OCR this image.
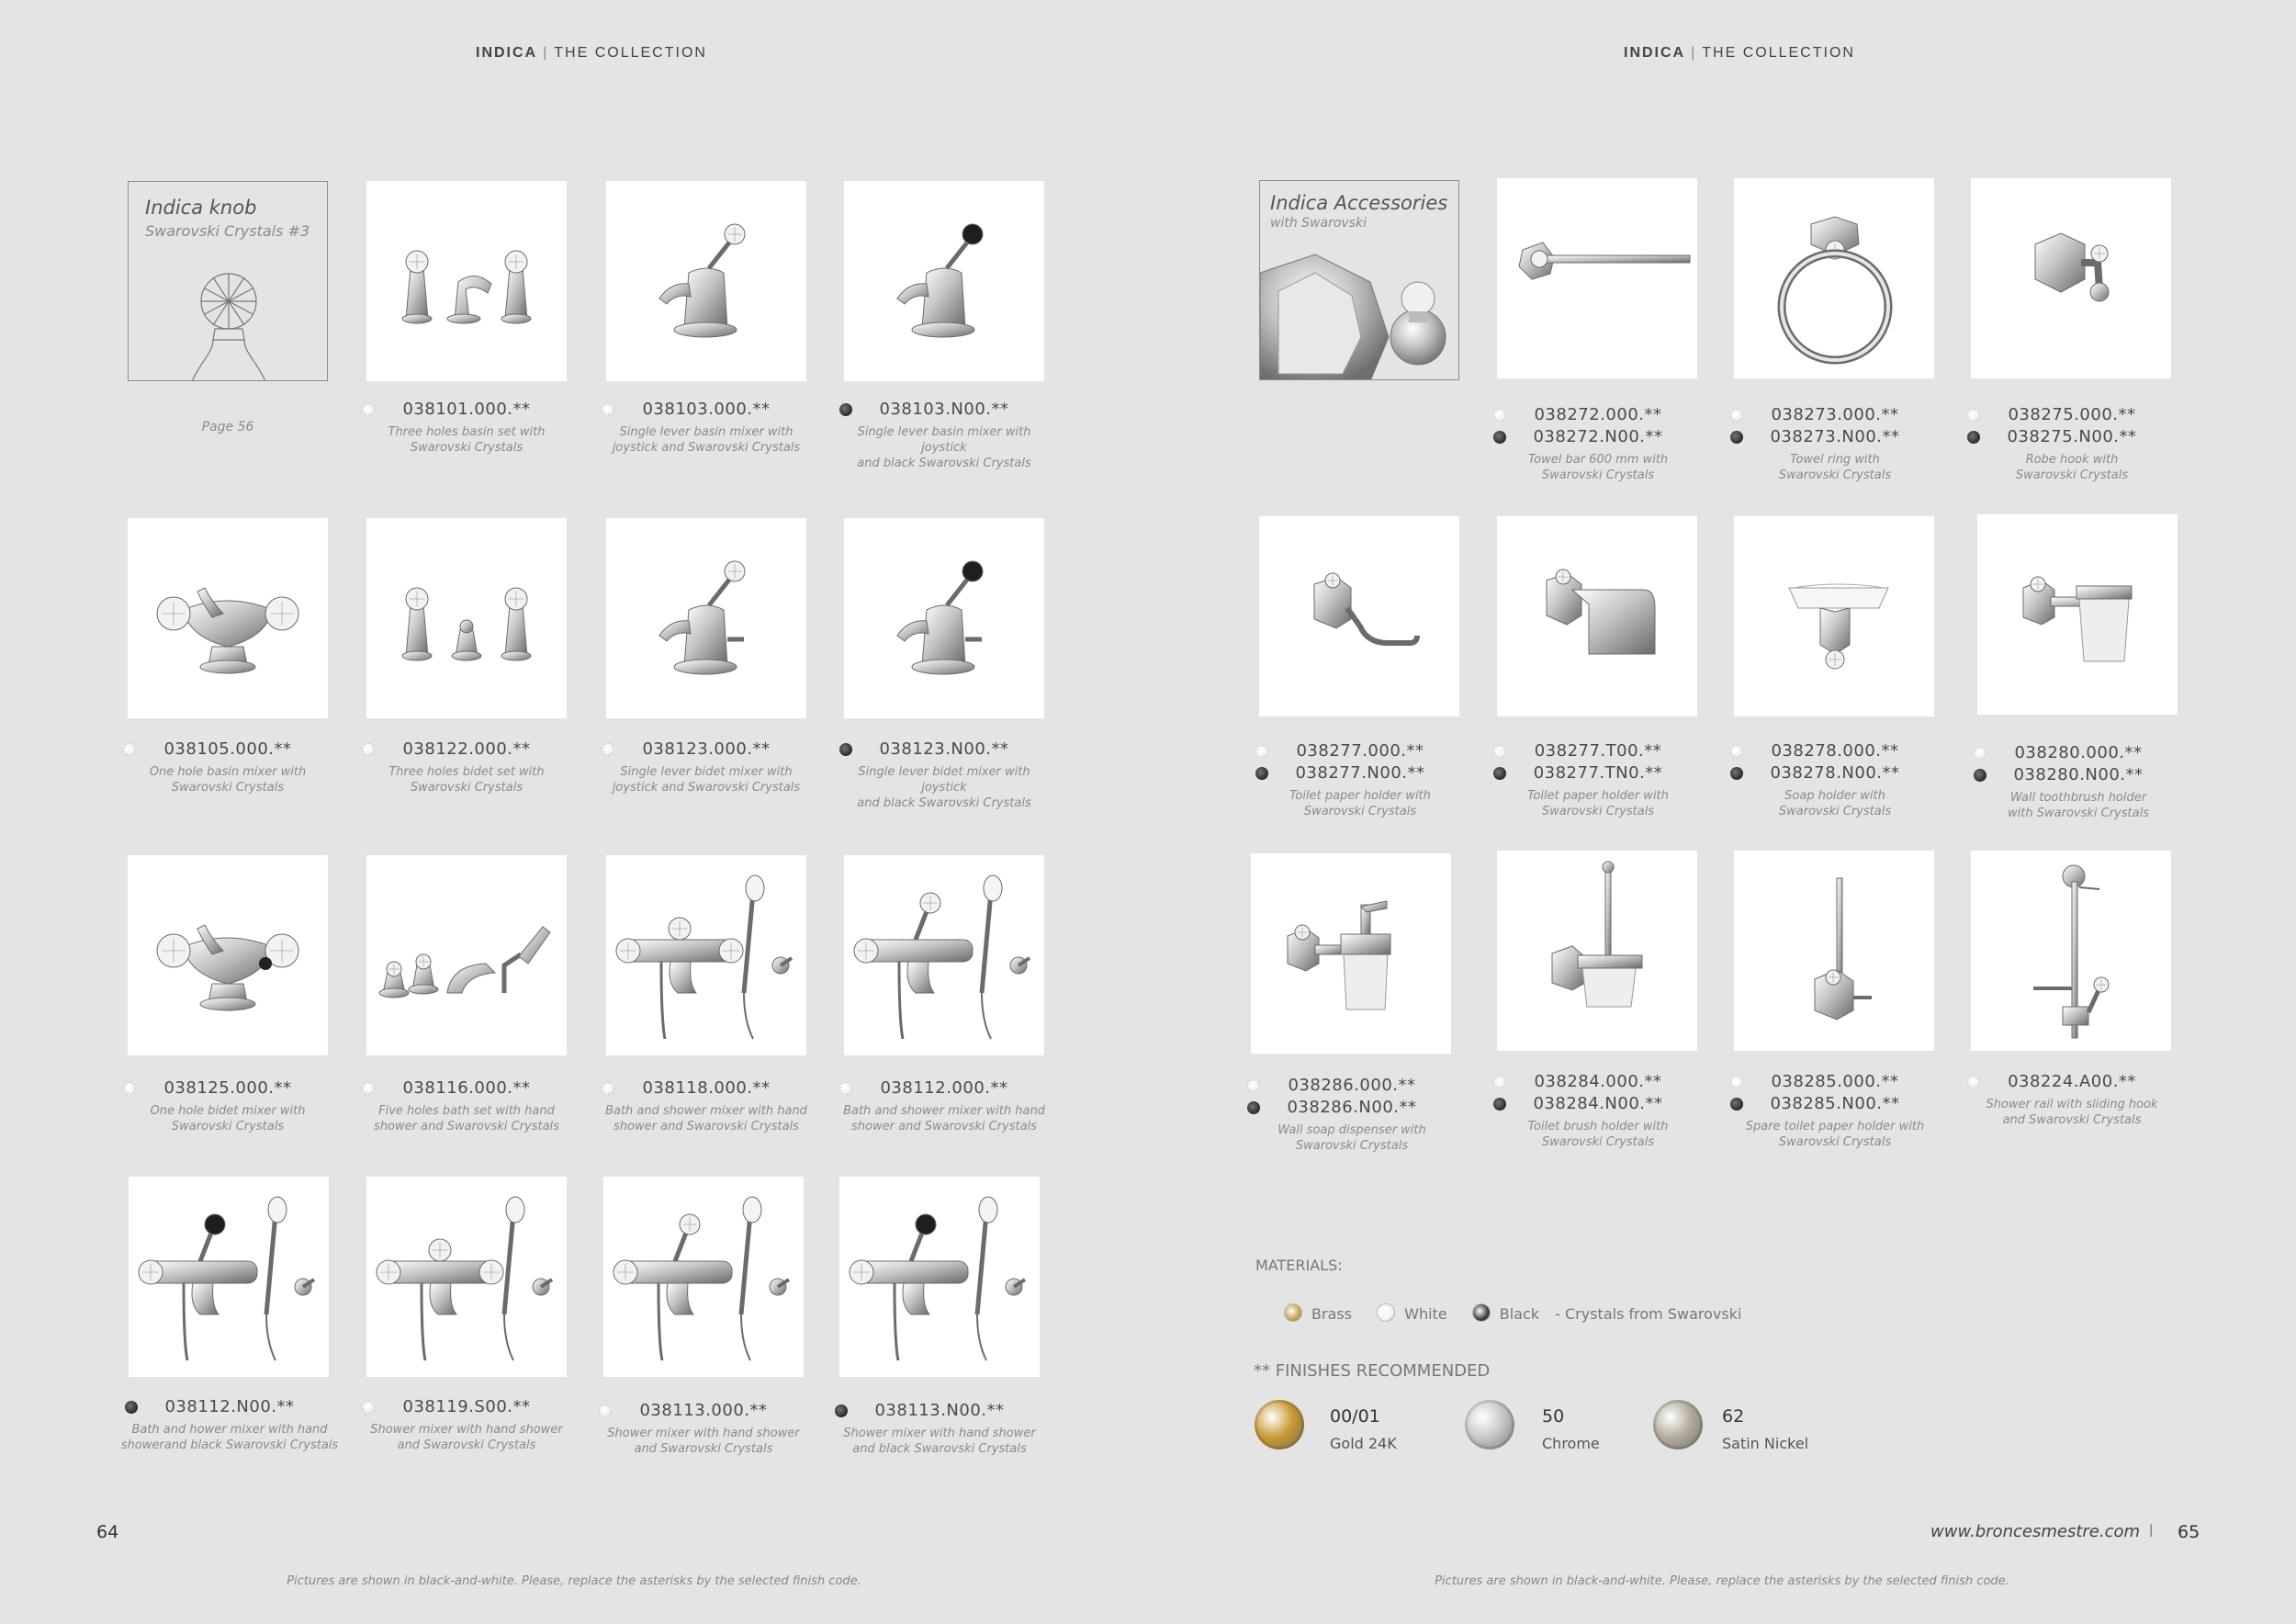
INDICA | THE COLLECTION	INDICA | THE COLLECTION
Indica knob
Swarovski Crystals #3
Page 56
Indica Accessories
with Swarovski
038101.000.**
Three holes basin set with
Swarovski Crystals
038103.000.**
Single lever basin mixer with
joystick and Swarovski Crystals
038103.N00.**
Single lever basin mixer with joystick
and black Swarovski Crystals
038105.000.**
One hole basin mixer with
Swarovski Crystals
038122.000.**
Three holes bidet set with
Swarovski Crystals
038123.000.**
Single lever bidet mixer with
joystick and Swarovski Crystals
038123.N00.**
Single lever bidet mixer with joystick
and black Swarovski Crystals
038125.000.**
One hole bidet mixer with
Swarovski Crystals
038116.000.**
Five holes bath set with hand
shower and Swarovski Crystals
038118.000.**
Bath and shower mixer with hand
shower and Swarovski Crystals
038112.000.**
Bath and shower mixer with hand
shower and Swarovski Crystals
038112.N00.**
Bath and hower mixer with hand
showerand black Swarovski Crystals
038119.S00.**
Shower mixer with hand shower
and Swarovski Crystals
038113.000.**
Shower mixer with hand shower
and Swarovski Crystals
038113.N00.**
Shower mixer with hand shower
and black Swarovski Crystals
038272.000.**
038272.N00.**
Towel bar 600 mm with
Swarovski Crystals
038273.000.**
038273.N00.**
Towel ring with
Swarovski Crystals
038275.000.**
038275.N00.**
Robe hook with
Swarovski Crystals
038277.000.**
038277.N00.**
Toilet paper holder with
Swarovski Crystals
038277.T00.**
038277.TN0.**
Toilet paper holder with
Swarovski Crystals
038278.000.**
038278.N00.**
Soap holder with
Swarovski Crystals
038280.000.**
038280.N00.**
Wall toothbrush holder
with Swarovski Crystals
038286.000.**
038286.N00.**
Wall soap dispenser with
Swarovski Crystals
038284.000.**
038284.N00.**
Toilet brush holder with
Swarovski Crystals
038285.000.**
038285.N00.**
Spare toilet paper holder with
Swarovski Crystals
038224.A00.**
Shower rail with sliding hook
and Swarovski Crystals
MATERIALS:
Brass	White	Black - Crystals from Swarovski
** FINISHES RECOMMENDED
00/01
Gold 24K
50
Chrome
62
Satin Nickel
64	www.broncesmestre.com l 65
Pictures are shown in black-and-white. Please, replace the asterisks by the selected finish code.	Pictures are shown in black-and-white. Please, replace the asterisks by the selected finish code.
